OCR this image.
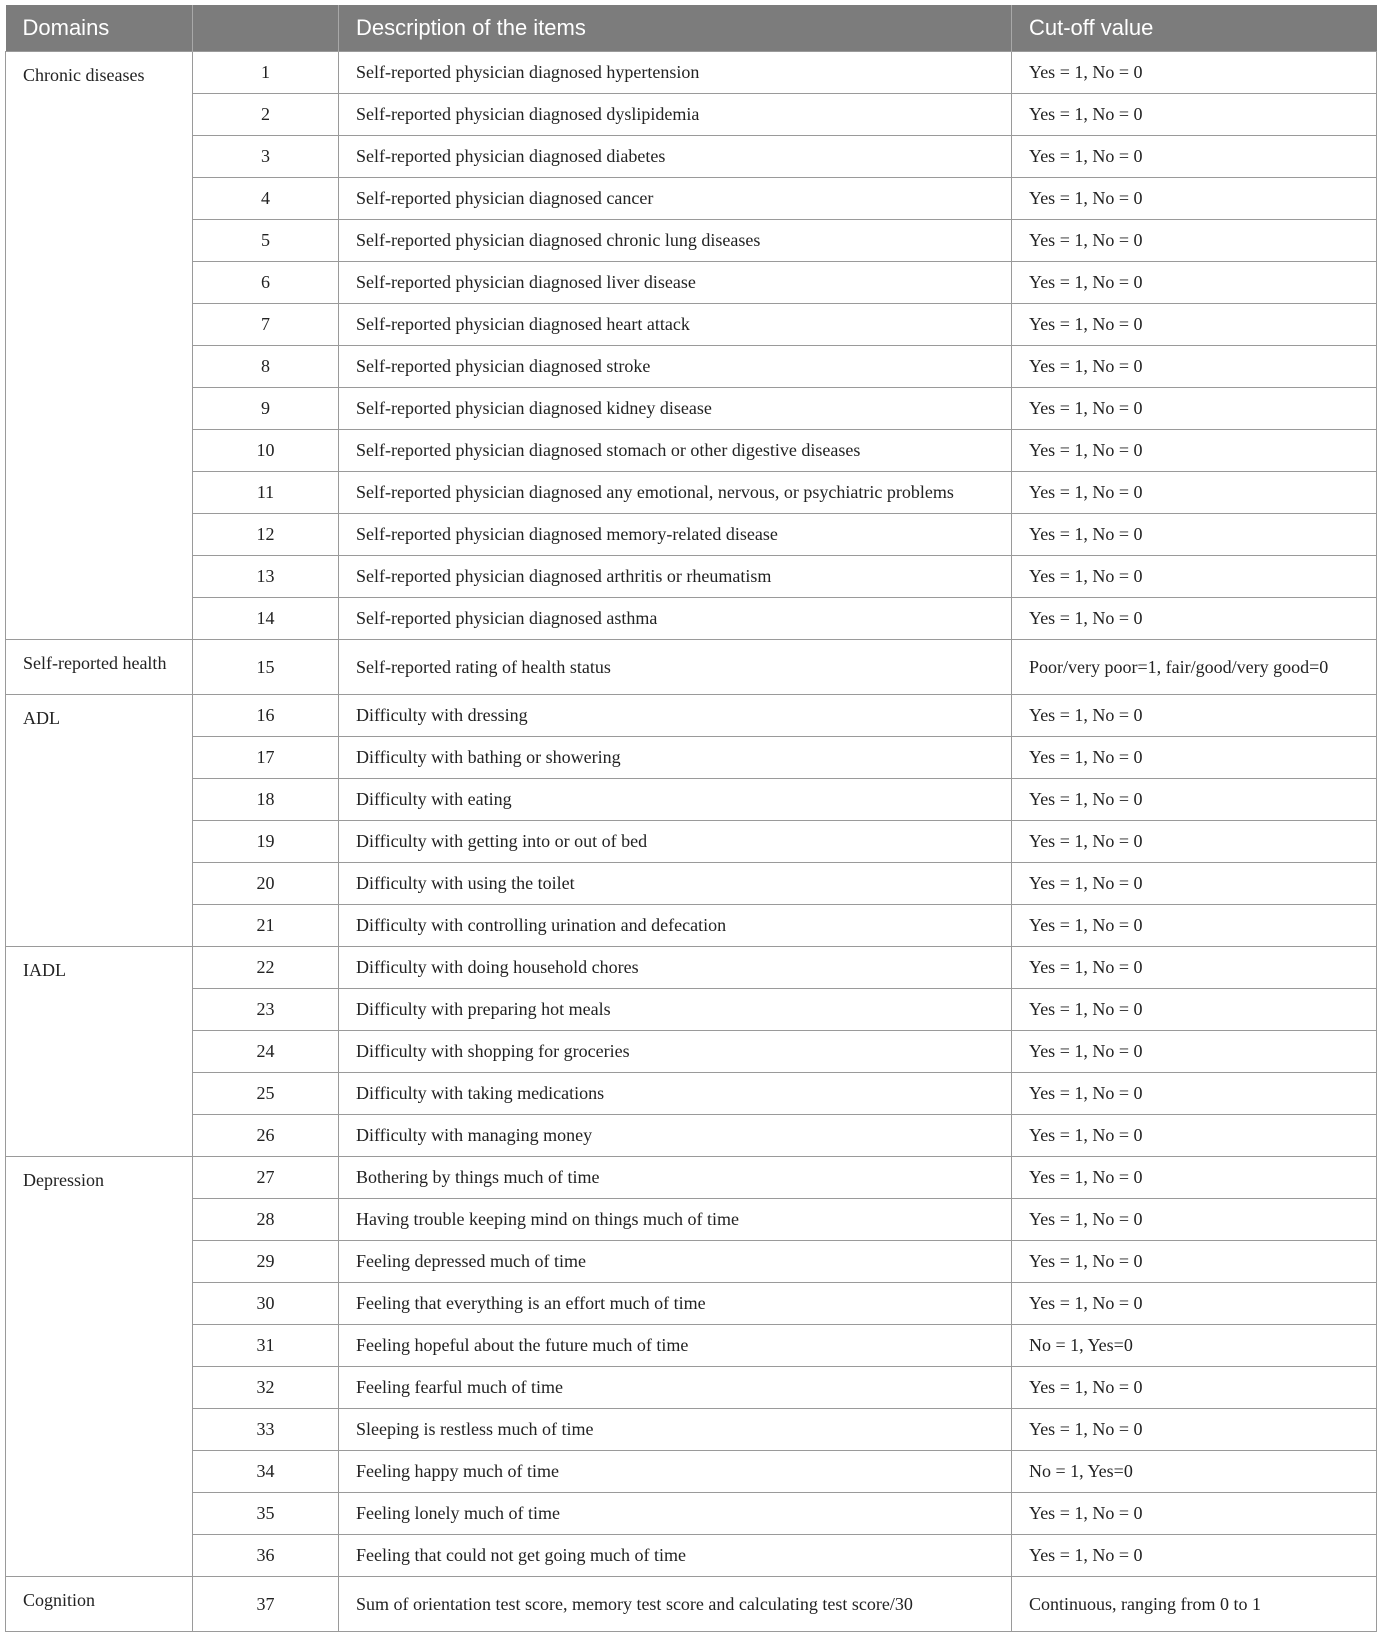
Domains		Description of the items	Cut-off value
Chronic diseases	1	Self-reported physician diagnosed hypertension	Yes = 1, No = 0
	2	Self-reported physician diagnosed dyslipidemia	Yes = 1, No = 0
	3	Self-reported physician diagnosed diabetes	Yes = 1, No = 0
	4	Self-reported physician diagnosed cancer	Yes = 1, No = 0
	5	Self-reported physician diagnosed chronic lung diseases	Yes = 1, No = 0
	6	Self-reported physician diagnosed liver disease	Yes = 1, No = 0
	7	Self-reported physician diagnosed heart attack	Yes = 1, No = 0
	8	Self-reported physician diagnosed stroke	Yes = 1, No = 0
	9	Self-reported physician diagnosed kidney disease	Yes = 1, No = 0
	10	Self-reported physician diagnosed stomach or other digestive diseases	Yes = 1, No = 0
	11	Self-reported physician diagnosed any emotional, nervous, or psychiatric problems	Yes = 1, No = 0
	12	Self-reported physician diagnosed memory-related disease	Yes = 1, No = 0
	13	Self-reported physician diagnosed arthritis or rheumatism	Yes = 1, No = 0
	14	Self-reported physician diagnosed asthma	Yes = 1, No = 0
Self-reported health	15	Self-reported rating of health status	Poor/very poor=1, fair/good/very good=0
ADL	16	Difficulty with dressing	Yes = 1, No = 0
	17	Difficulty with bathing or showering	Yes = 1, No = 0
	18	Difficulty with eating	Yes = 1, No = 0
	19	Difficulty with getting into or out of bed	Yes = 1, No = 0
	20	Difficulty with using the toilet	Yes = 1, No = 0
	21	Difficulty with controlling urination and defecation	Yes = 1, No = 0
IADL	22	Difficulty with doing household chores	Yes = 1, No = 0
	23	Difficulty with preparing hot meals	Yes = 1, No = 0
	24	Difficulty with shopping for groceries	Yes = 1, No = 0
	25	Difficulty with taking medications	Yes = 1, No = 0
	26	Difficulty with managing money	Yes = 1, No = 0
Depression	27	Bothering by things much of time	Yes = 1, No = 0
	28	Having trouble keeping mind on things much of time	Yes = 1, No = 0
	29	Feeling depressed much of time	Yes = 1, No = 0
	30	Feeling that everything is an effort much of time	Yes = 1, No = 0
	31	Feeling hopeful about the future much of time	No = 1, Yes=0
	32	Feeling fearful much of time	Yes = 1, No = 0
	33	Sleeping is restless much of time	Yes = 1, No = 0
	34	Feeling happy much of time	No = 1, Yes=0
	35	Feeling lonely much of time	Yes = 1, No = 0
	36	Feeling that could not get going much of time	Yes = 1, No = 0
Cognition	37	Sum of orientation test score, memory test score and calculating test score/30	Continuous, ranging from 0 to 1
